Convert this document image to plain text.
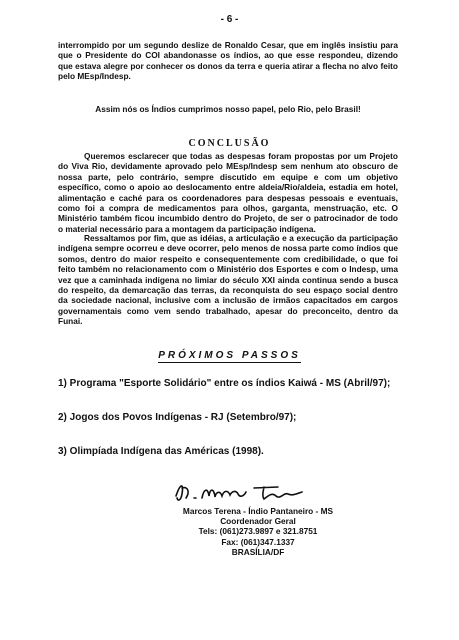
- 6 -

interrompido por um segundo deslize de Ronaldo Cesar, que em inglês insistiu para que o Presidente do COI abandonasse os índios, ao que esse respondeu, dizendo que estava alegre por conhecer os donos da terra e queria atirar a flecha no alvo feito pelo MEsp/Indesp.

Assim nós os Índios cumprimos nosso papel, pelo Rio, pelo Brasil!

CONCLUSÃO

Queremos esclarecer que todas as despesas foram propostas por um Projeto do Viva Rio, devidamente aprovado pelo MEsp/Indesp sem nenhum ato obscuro de nossa parte, pelo contrário, sempre discutido em equipe e com um objetivo específico, como o apoio ao deslocamento entre aldeia/Rio/aldeia, estadia em hotel, alimentação e caché para os coordenadores para despesas pessoais e eventuais, como foi a compra de medicamentos para olhos, garganta, menstruação, etc. O Ministério também ficou incumbido dentro do Projeto, de ser o patrocinador de todo o material necessário para a montagem da participação indígena.

Ressaltamos por fim, que as idéias, a articulação e a execução da participação indígena sempre ocorreu e deve ocorrer, pelo menos de nossa parte como índios que somos, dentro do maior respeito e consequentemente com credibilidade, o que foi feito também no relacionamento com o Ministério dos Esportes e com o Indesp, uma vez que a caminhada indígena no limiar do século XXI ainda continua sendo a busca do respeito, da demarcação das terras, da reconquista do seu espaço social dentro da sociedade nacional, inclusive com a inclusão de irmãos capacitados em cargos governamentais como vem sendo trabalhado, apesar do preconceito, dentro da Funai.

PRÓXIMOS PASSOS
1) Programa "Esporte Solidário" entre os índios Kaiwá - MS (Abril/97);
2) Jogos dos Povos Indígenas - RJ (Setembro/97);
3) Olimpíada Indígena das Américas (1998).
Marcos Terena - Índio Pantaneiro - MS
Coordenador Geral
Tels: (061)273.9897 e 321.8751
Fax: (061)347.1337
BRASÍLIA/DF
